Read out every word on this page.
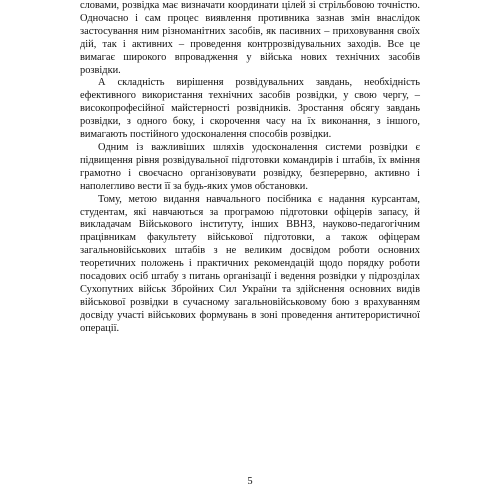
словами, розвідка має визначати координати цілей зі стрільбовою точністю. Одночасно і сам процес виявлення противника зазнав змін внаслідок застосування ним різноманітних засобів, як пасивних – приховування своїх дій, так і активних – проведення контррозвідувальних заходів. Все це вимагає широкого впровадження у війська нових технічних засобів розвідки.

А складність вирішення розвідувальних завдань, необхідність ефективного використання технічних засобів розвідки, у свою чергу, – високопрофесійної майстерності розвідників. Зростання обсягу завдань розвідки, з одного боку, і скорочення часу на їх виконання, з іншого, вимагають постійного удосконалення способів розвідки.

Одним із важливіших шляхів удосконалення системи розвідки є підвищення рівня розвідувальної підготовки командирів і штабів, їх вміння грамотно і своєчасно організовувати розвідку, безперервно, активно і наполегливо вести її за будь-яких умов обстановки.

Тому, метою видання навчального посібника є надання курсантам, студентам, які навчаються за програмою підготовки офіцерів запасу, й викладачам Військового інституту, інших ВВНЗ, науково-педагогічним працівникам факультету військової підготовки, а також офіцерам загальновійськових штабів з не великим досвідом роботи основних теоретичних положень і практичних рекомендацій щодо порядку роботи посадових осіб штабу з питань організації і ведення розвідки у підрозділах Сухопутних військ Збройних Сил України та здійснення основних видів військової розвідки в сучасному загальновійськовому бою з врахуванням досвіду участі військових формувань в зоні проведення антитерористичної операції.

5
